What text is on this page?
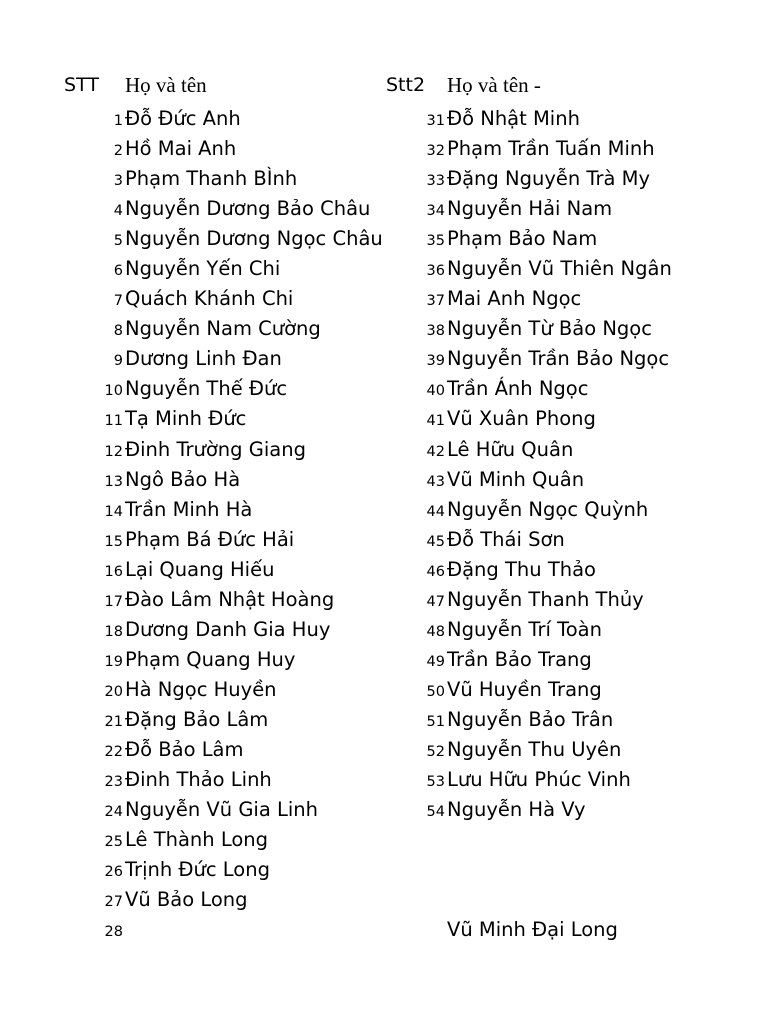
STT Họ và tên	Stt2 Họ và tên -
1 Đỗ Đức Anh
2 Hồ Mai Anh
3 Phạm Thanh BÌnh
4 Nguyễn Dương Bảo Châu
5 Nguyễn Dương Ngọc Châu
6 Nguyễn Yến Chi
7 Quách Khánh Chi
8 Nguyễn Nam Cường
9 Dương Linh Đan
10 Nguyễn Thế Đức
11 Tạ Minh Đức
12 Đinh Trường Giang
13 Ngô Bảo Hà
14 Trần Minh Hà
15 Phạm Bá Đức Hải
16 Lại Quang Hiếu
17 Đào Lâm Nhật Hoàng
18 Dương Danh Gia Huy
19 Phạm Quang Huy
20 Hà Ngọc Huyền
21 Đặng Bảo Lâm
22 Đỗ Bảo Lâm
23 Đinh Thảo Linh
24 Nguyễn Vũ Gia Linh
25 Lê Thành Long
26 Trịnh Đức Long
27 Vũ Bảo Long
28
31 Đỗ Nhật Minh
32 Phạm Trần Tuấn Minh
33 Đặng Nguyễn Trà My
34 Nguyễn Hải Nam
35 Phạm Bảo Nam
36 Nguyễn Vũ Thiên Ngân
37 Mai Anh Ngọc
38 Nguyễn Từ Bảo Ngọc
39 Nguyễn Trần Bảo Ngọc
40 Trần Ánh Ngọc
41 Vũ Xuân Phong
42 Lê Hữu Quân
43 Vũ Minh Quân
44 Nguyễn Ngọc Quỳnh
45 Đỗ Thái Sơn
46 Đặng Thu Thảo
47 Nguyễn Thanh Thủy
48 Nguyễn Trí Toàn
49 Trần Bảo Trang
50 Vũ Huyền Trang
51 Nguyễn Bảo Trân
52 Nguyễn Thu Uyên
53 Lưu Hữu Phúc Vinh
54 Nguyễn Hà Vy
Vũ Minh Đại Long
